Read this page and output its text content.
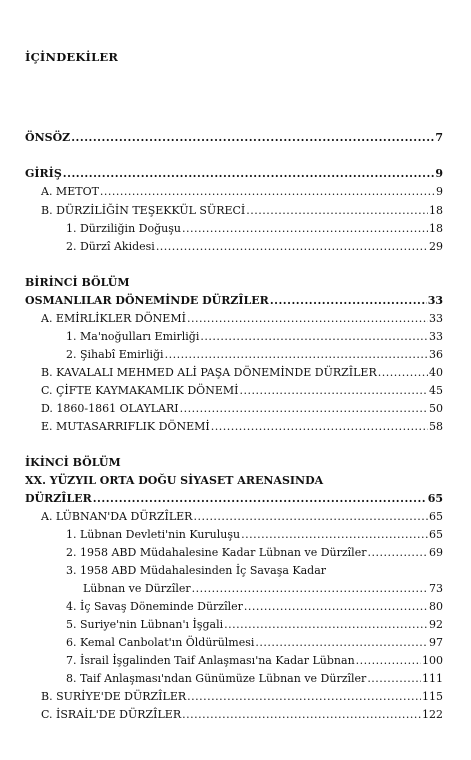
İÇİNDEKİLER
ÖNSÖZ .....	7
GİRİŞ .....	9
A. METOT .....	9
B. DÜRZİLİĞİN TEŞEKKÜL SÜRECİ .....	18
1. Dürziliğin Doğuşu .....	18
2. Dürzî Akidesi .....	29
BİRİNCİ BÖLÜM
OSMANLILAR DÖNEMİNDE DÜRZÎLER .....	33
A. EMİRLİKLER DÖNEMİ .....	33
1. Ma'noğulları Emirliği .....	33
2. Şihabî Emirliği .....	36
B. KAVALALI MEHMED ALİ PAŞA DÖNEMİNDE DÜRZÎLER .....	40
C. ÇİFTE KAYMAKAMLIK DÖNEMİ .....	45
D. 1860-1861 OLAYLARI .....	50
E. MUTASARRIFLIK DÖNEMİ .....	58
İKİNCİ BÖLÜM
XX. YÜZYIL ORTA DOĞU SİYASET ARENASINDA
DÜRZÎLER .....	65
A. LÜBNAN'DA DÜRZÎLER .....	65
1. Lübnan Devleti'nin Kuruluşu .....	65
2. 1958 ABD Müdahalesine Kadar Lübnan ve Dürzîler .....	69
3. 1958 ABD Müdahalesinden İç Savaşa Kadar
Lübnan ve Dürzîler .....	73
4. İç Savaş Döneminde Dürzîler .....	80
5. Suriye'nin Lübnan'ı İşgali .....	92
6. Kemal Canbolat'ın Öldürülmesi .....	97
7. İsrail İşgalinden Taif Anlaşması'na Kadar Lübnan .....	100
8. Taif Anlaşması'ndan Günümüze Lübnan ve Dürzîler .....	111
B. SURİYE'DE DÜRZÎLER .....	115
C. İSRAİL'DE DÜRZÎLER .....	122
